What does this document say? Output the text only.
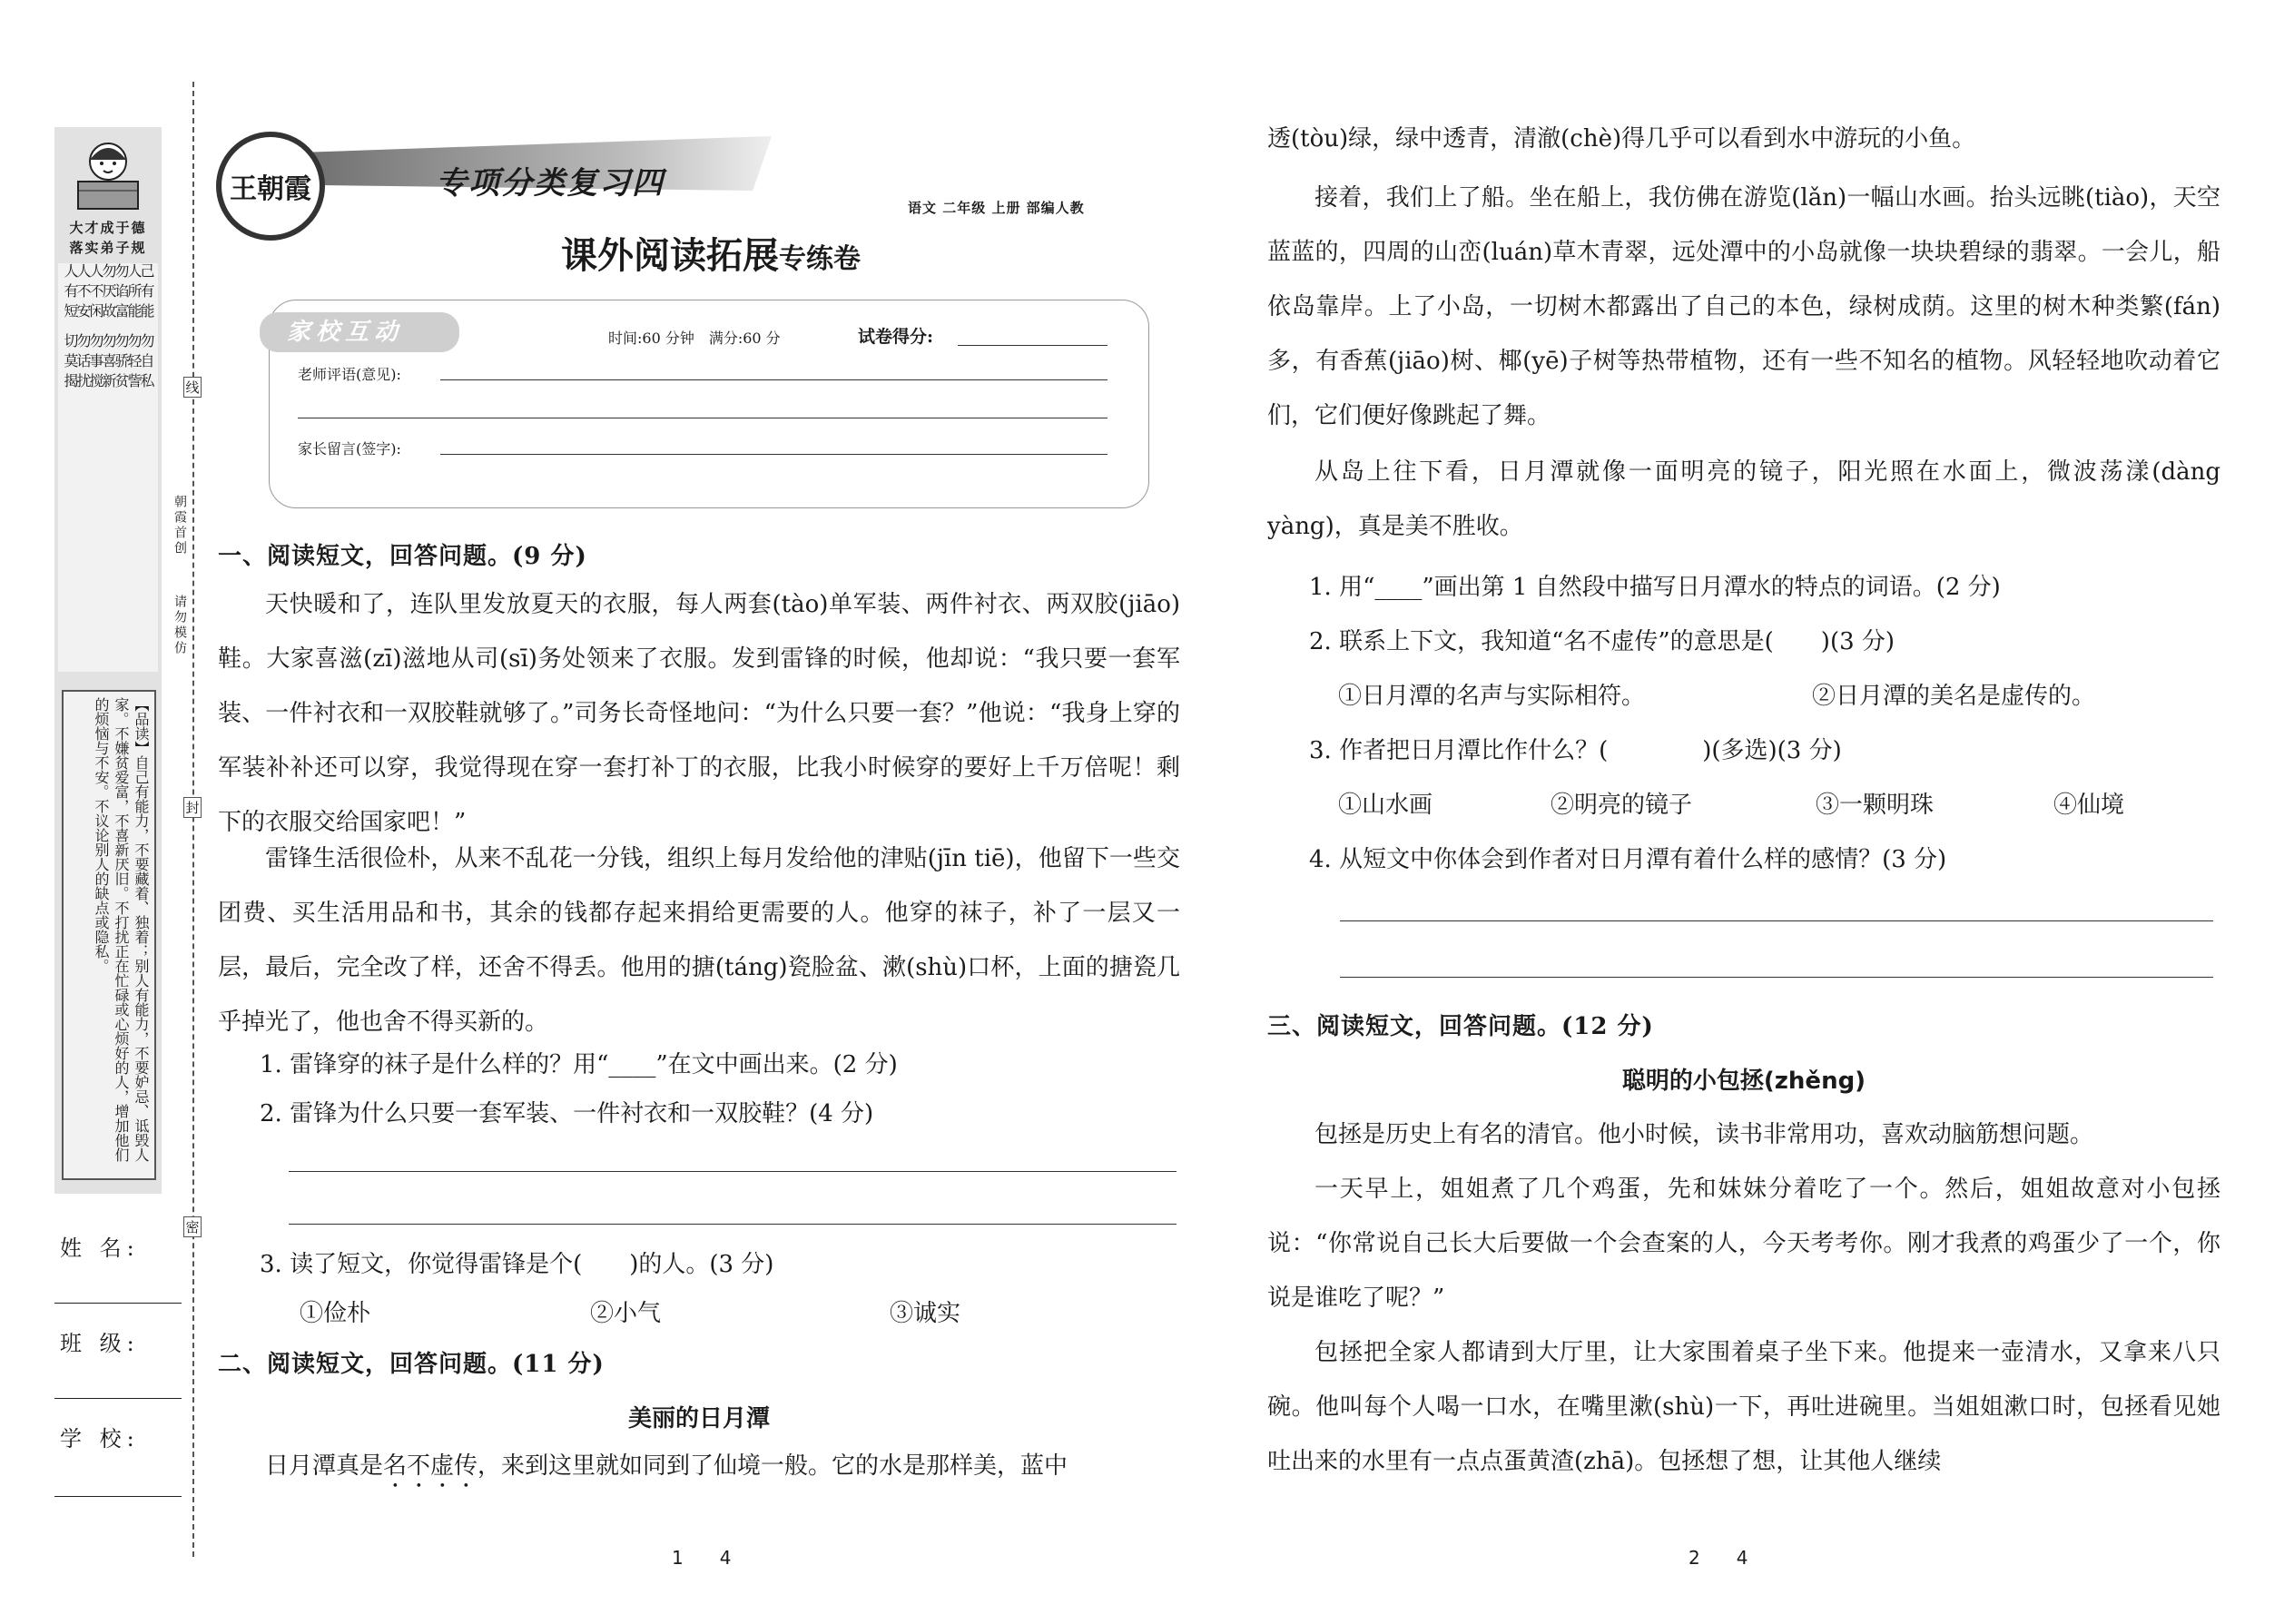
大才成于德
落实弟子规
己有能 勿自私
人所能 勿轻訾
勿谄富 勿骄贫
勿厌故 勿喜新
人不闲 勿事搅
人不安 勿话扰
人有短 切莫揭
【品读】自己有能力，不要藏着、独着；别人有能力，不要妒忌、诋毁人家。不嫌贫爱富，不喜新厌旧。不打扰正在忙碌或心烦好的人，增加他们的烦恼与不安。不议论别人的缺点或隐私。
姓 名:
班 级:
学 校:
线
封
密
朝霞首创
请勿模仿
王朝霞	专项分类复习四
课外阅读拓展专练卷
语文 二年级 上册 部编人教
家校互动	时间:60 分钟　满分:60 分	试卷得分:
老师评语(意见):
家长留言(签字):
一、阅读短文，回答问题。(9 分)
天快暖和了，连队里发放夏天的衣服，每人两套(tào)单军装、两件衬衣、两双胶(jiāo)鞋。大家喜滋(zī)滋地从司(sī)务处领来了衣服。发到雷锋的时候，他却说：“我只要一套军装、一件衬衣和一双胶鞋就够了。”司务长奇怪地问：“为什么只要一套？”他说：“我身上穿的军装补补还可以穿，我觉得现在穿一套打补丁的衣服，比我小时候穿的要好上千万倍呢！剩下的衣服交给国家吧！”
雷锋生活很俭朴，从来不乱花一分钱，组织上每月发给他的津贴(jīn tiē)，他留下一些交团费、买生活用品和书，其余的钱都存起来捐给更需要的人。他穿的袜子，补了一层又一层，最后，完全改了样，还舍不得丢。他用的搪(táng)瓷脸盆、漱(shù)口杯，上面的搪瓷几乎掉光了，他也舍不得买新的。
1. 雷锋穿的袜子是什么样的？用“____”在文中画出来。(2 分)
2. 雷锋为什么只要一套军装、一件衬衣和一双胶鞋？(4 分)
3. 读了短文，你觉得雷锋是个(　　)的人。(3 分)
①俭朴	②小气	③诚实
二、阅读短文，回答问题。(11 分)
美丽的日月潭
日月潭真是名不虚传，来到这里就如同到了仙境一般。它的水是那样美，蓝中
1　　4
透(tòu)绿，绿中透青，清澈(chè)得几乎可以看到水中游玩的小鱼。
接着，我们上了船。坐在船上，我仿佛在游览(lǎn)一幅山水画。抬头远眺(tiào)，天空蓝蓝的，四周的山峦(luán)草木青翠，远处潭中的小岛就像一块块碧绿的翡翠。一会儿，船依岛靠岸。上了小岛，一切树木都露出了自己的本色，绿树成荫。这里的树木种类繁(fán)多，有香蕉(jiāo)树、椰(yē)子树等热带植物，还有一些不知名的植物。风轻轻地吹动着它们，它们便好像跳起了舞。
从岛上往下看，日月潭就像一面明亮的镜子，阳光照在水面上，微波荡漾(dàng yàng)，真是美不胜收。
1. 用“____”画出第 1 自然段中描写日月潭水的特点的词语。(2 分)
2. 联系上下文，我知道“名不虚传”的意思是(　　)(3 分)
①日月潭的名声与实际相符。	②日月潭的美名是虚传的。
3. 作者把日月潭比作什么？(　　　　)(多选)(3 分)
①山水画	②明亮的镜子	③一颗明珠	④仙境
4. 从短文中你体会到作者对日月潭有着什么样的感情？(3 分)
三、阅读短文，回答问题。(12 分)
聪明的小包拯(zhěng)
包拯是历史上有名的清官。他小时候，读书非常用功，喜欢动脑筋想问题。
一天早上，姐姐煮了几个鸡蛋，先和妹妹分着吃了一个。然后，姐姐故意对小包拯说：“你常说自己长大后要做一个会查案的人，今天考考你。刚才我煮的鸡蛋少了一个，你说是谁吃了呢？”
包拯把全家人都请到大厅里，让大家围着桌子坐下来。他提来一壶清水，又拿来八只碗。他叫每个人喝一口水，在嘴里漱(shù)一下，再吐进碗里。当姐姐漱口时，包拯看见她吐出来的水里有一点点蛋黄渣(zhā)。包拯想了想，让其他人继续
2　　4
